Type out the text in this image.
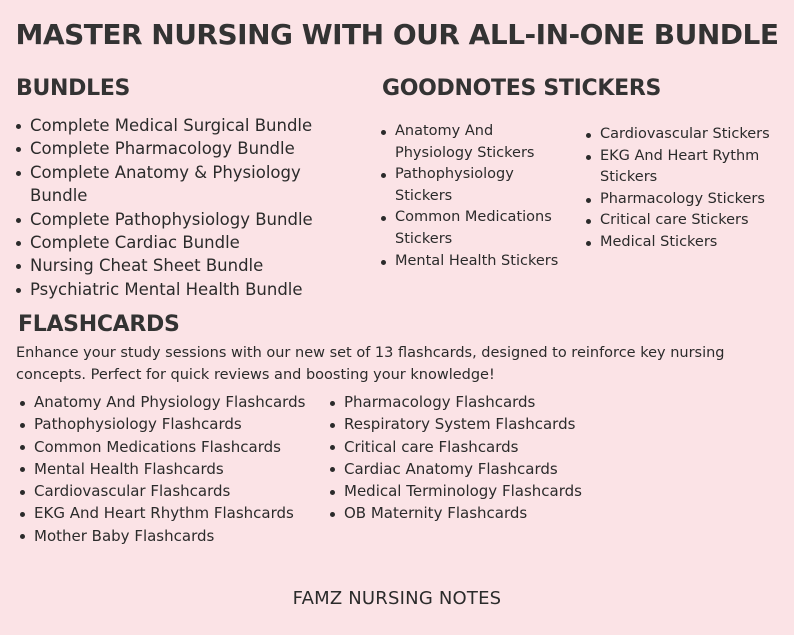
MASTER NURSING WITH OUR ALL-IN-ONE BUNDLE
BUNDLES
Complete Medical Surgical Bundle
Complete Pharmacology Bundle
Complete Anatomy & Physiology Bundle
Complete Pathophysiology Bundle
Complete Cardiac Bundle
Nursing Cheat Sheet Bundle
Psychiatric Mental Health Bundle
GOODNOTES STICKERS
Anatomy And Physiology Stickers
Pathophysiology Stickers
Common Medications Stickers
Mental Health Stickers
Cardiovascular Stickers
EKG And Heart Rythm Stickers
Pharmacology Stickers
Critical care Stickers
Medical Stickers
FLASHCARDS
Enhance your study sessions with our new set of 13 flashcards, designed to reinforce key nursing concepts. Perfect for quick reviews and boosting your knowledge!
Anatomy And Physiology Flashcards
Pathophysiology Flashcards
Common Medications Flashcards
Mental Health Flashcards
Cardiovascular Flashcards
EKG And Heart Rhythm Flashcards
Mother Baby Flashcards
Pharmacology Flashcards
Respiratory System Flashcards
Critical care Flashcards
Cardiac Anatomy Flashcards
Medical Terminology Flashcards
OB Maternity Flashcards
FAMZ NURSING NOTES
